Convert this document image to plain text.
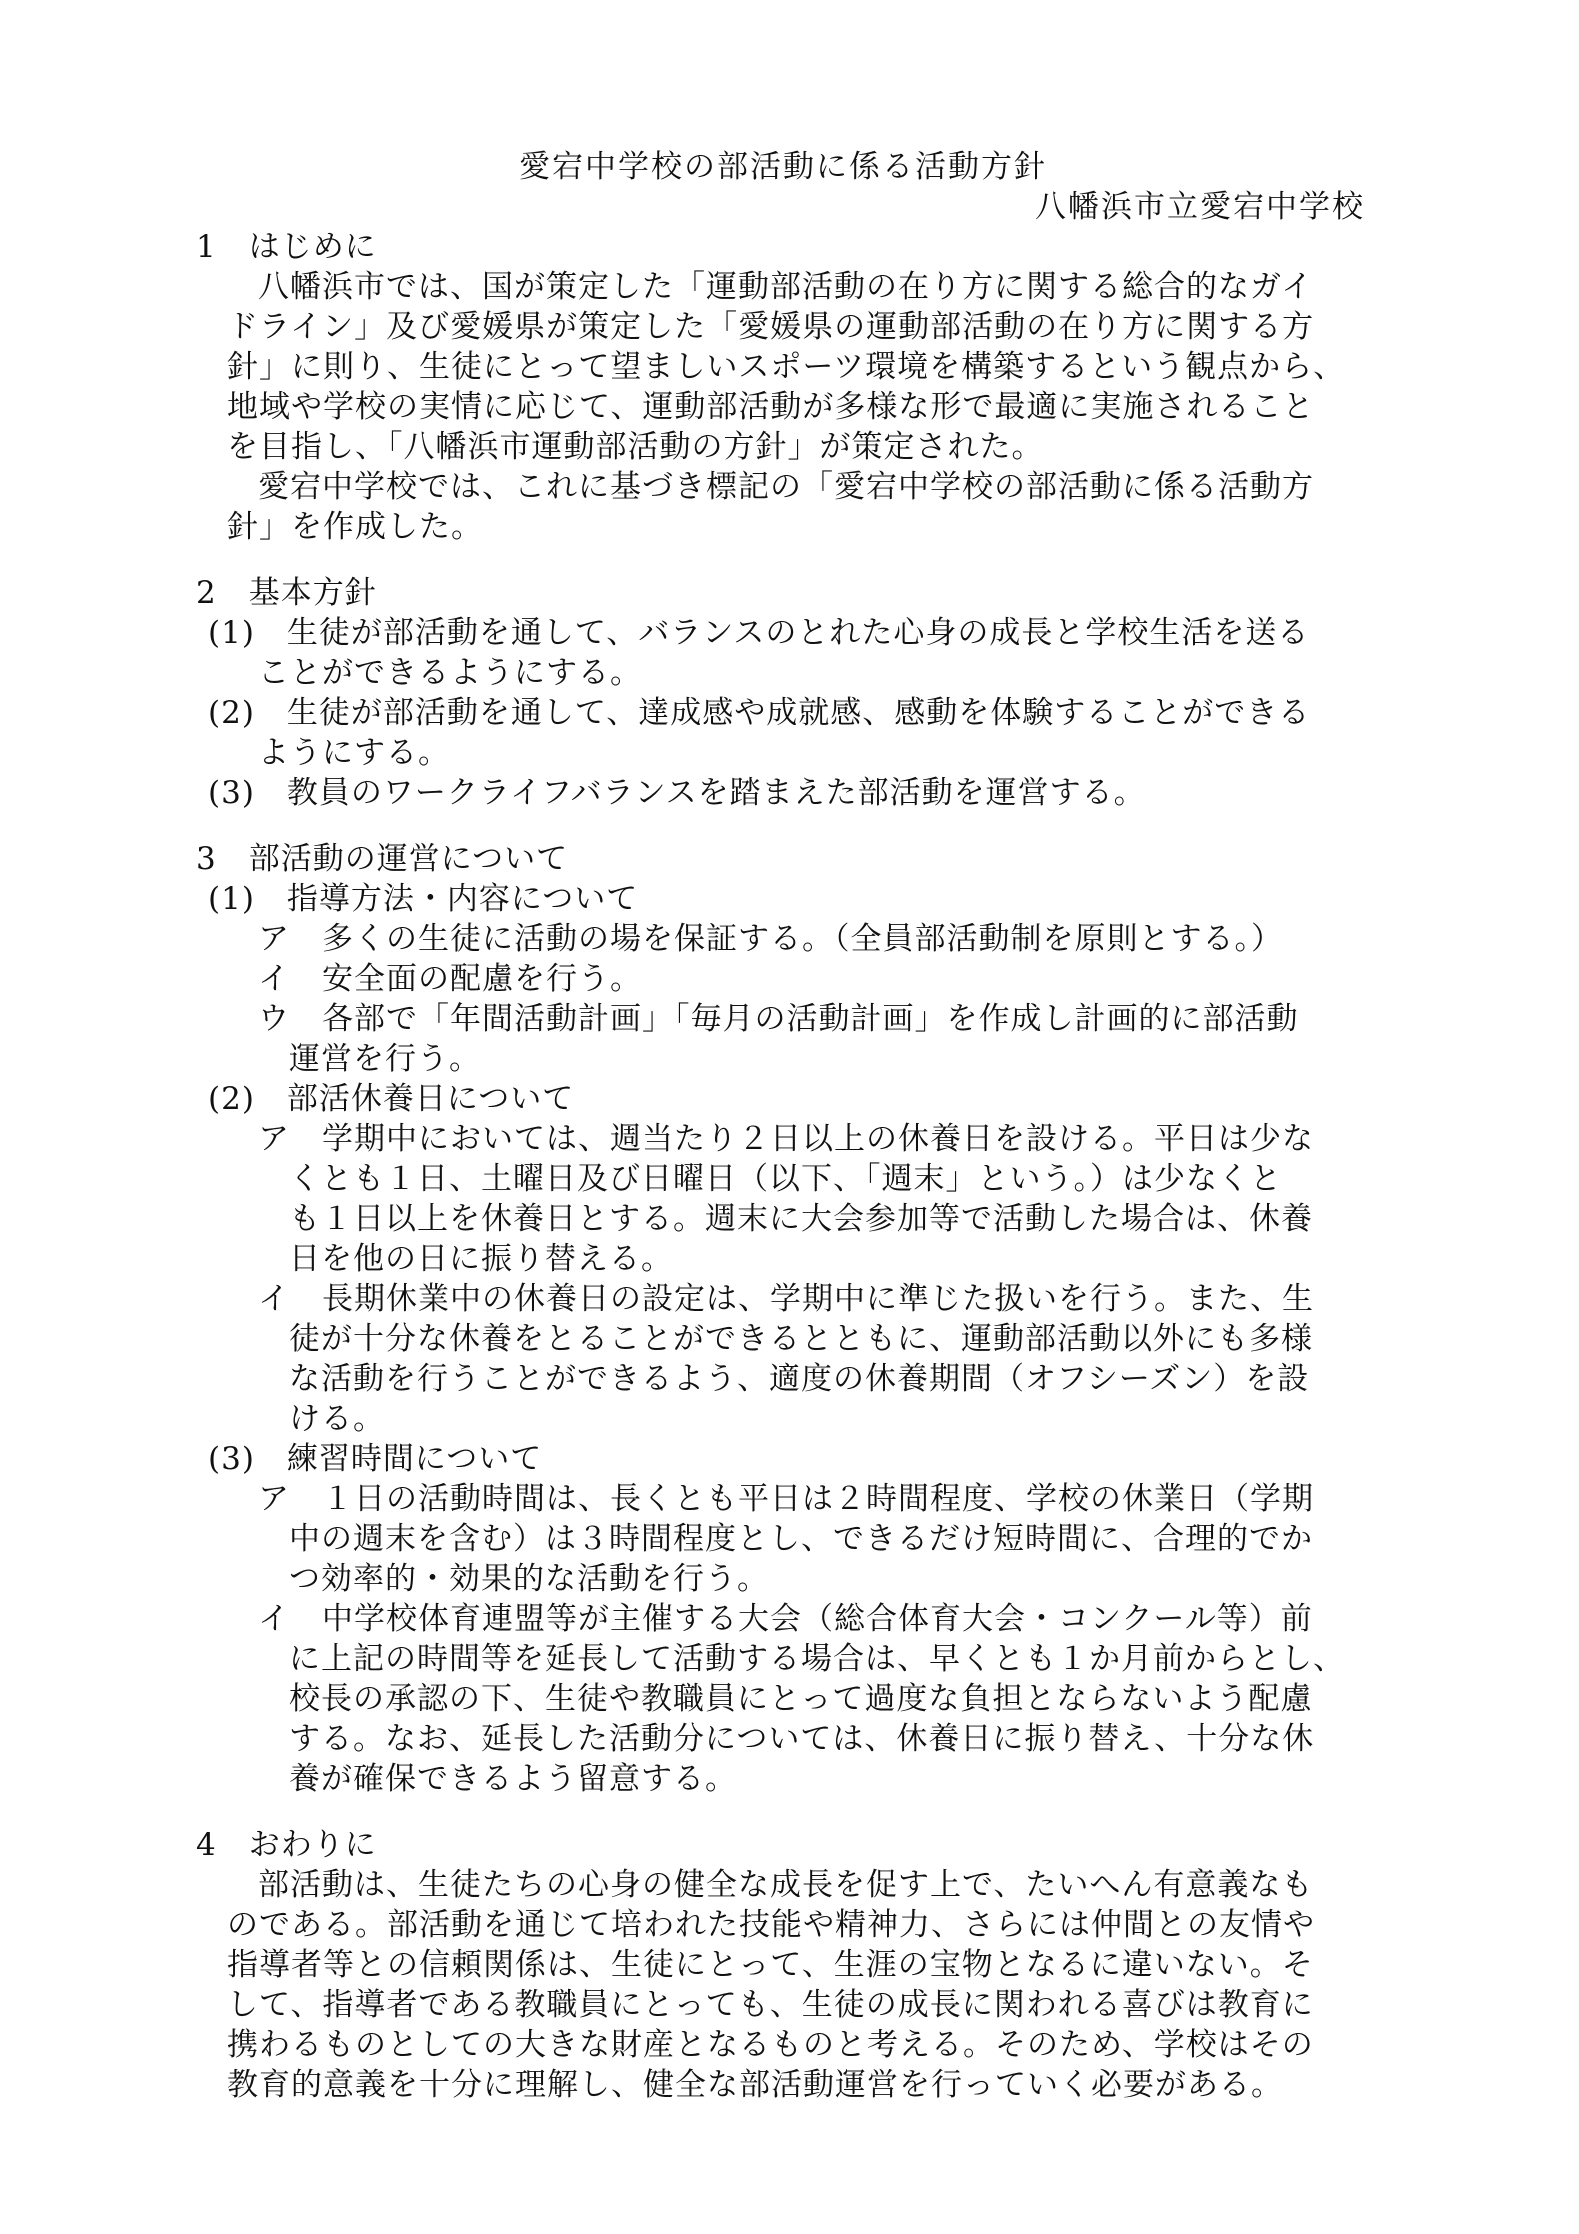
愛宕中学校の部活動に係る活動方針
八幡浜市立愛宕中学校
1　はじめに
八幡浜市では、国が策定した「運動部活動の在り方に関する総合的なガイ
ドライン」及び愛媛県が策定した「愛媛県の運動部活動の在り方に関する方
針」に則り、生徒にとって望ましいスポーツ環境を構築するという観点から、
地域や学校の実情に応じて、運動部活動が多様な形で最適に実施されること
を目指し、「八幡浜市運動部活動の方針」が策定された。
愛宕中学校では、これに基づき標記の「愛宕中学校の部活動に係る活動方
針」を作成した。
2　基本方針
(1)　生徒が部活動を通して、バランスのとれた心身の成長と学校生活を送る
ことができるようにする。
(2)　生徒が部活動を通して、達成感や成就感、感動を体験することができる
ようにする。
(3)　教員のワークライフバランスを踏まえた部活動を運営する。
3　部活動の運営について
(1)　指導方法・内容について
ア　多くの生徒に活動の場を保証する。（全員部活動制を原則とする。）
イ　安全面の配慮を行う。
ウ　各部で「年間活動計画」「毎月の活動計画」を作成し計画的に部活動
運営を行う。
(2)　部活休養日について
ア　学期中においては、週当たり２日以上の休養日を設ける。平日は少な
くとも１日、土曜日及び日曜日（以下、「週末」という。）は少なくと
も１日以上を休養日とする。週末に大会参加等で活動した場合は、休養
日を他の日に振り替える。
イ　長期休業中の休養日の設定は、学期中に準じた扱いを行う。また、生
徒が十分な休養をとることができるとともに、運動部活動以外にも多様
な活動を行うことができるよう、適度の休養期間（オフシーズン）を設
ける。
(3)　練習時間について
ア　１日の活動時間は、長くとも平日は２時間程度、学校の休業日（学期
中の週末を含む）は３時間程度とし、できるだけ短時間に、合理的でか
つ効率的・効果的な活動を行う。
イ　中学校体育連盟等が主催する大会（総合体育大会・コンクール等）前
に上記の時間等を延長して活動する場合は、早くとも１か月前からとし、
校長の承認の下、生徒や教職員にとって過度な負担とならないよう配慮
する。なお、延長した活動分については、休養日に振り替え、十分な休
養が確保できるよう留意する。
4　おわりに
部活動は、生徒たちの心身の健全な成長を促す上で、たいへん有意義なも
のである。部活動を通じて培われた技能や精神力、さらには仲間との友情や
指導者等との信頼関係は、生徒にとって、生涯の宝物となるに違いない。そ
して、指導者である教職員にとっても、生徒の成長に関われる喜びは教育に
携わるものとしての大きな財産となるものと考える。そのため、学校はその
教育的意義を十分に理解し、健全な部活動運営を行っていく必要がある。
